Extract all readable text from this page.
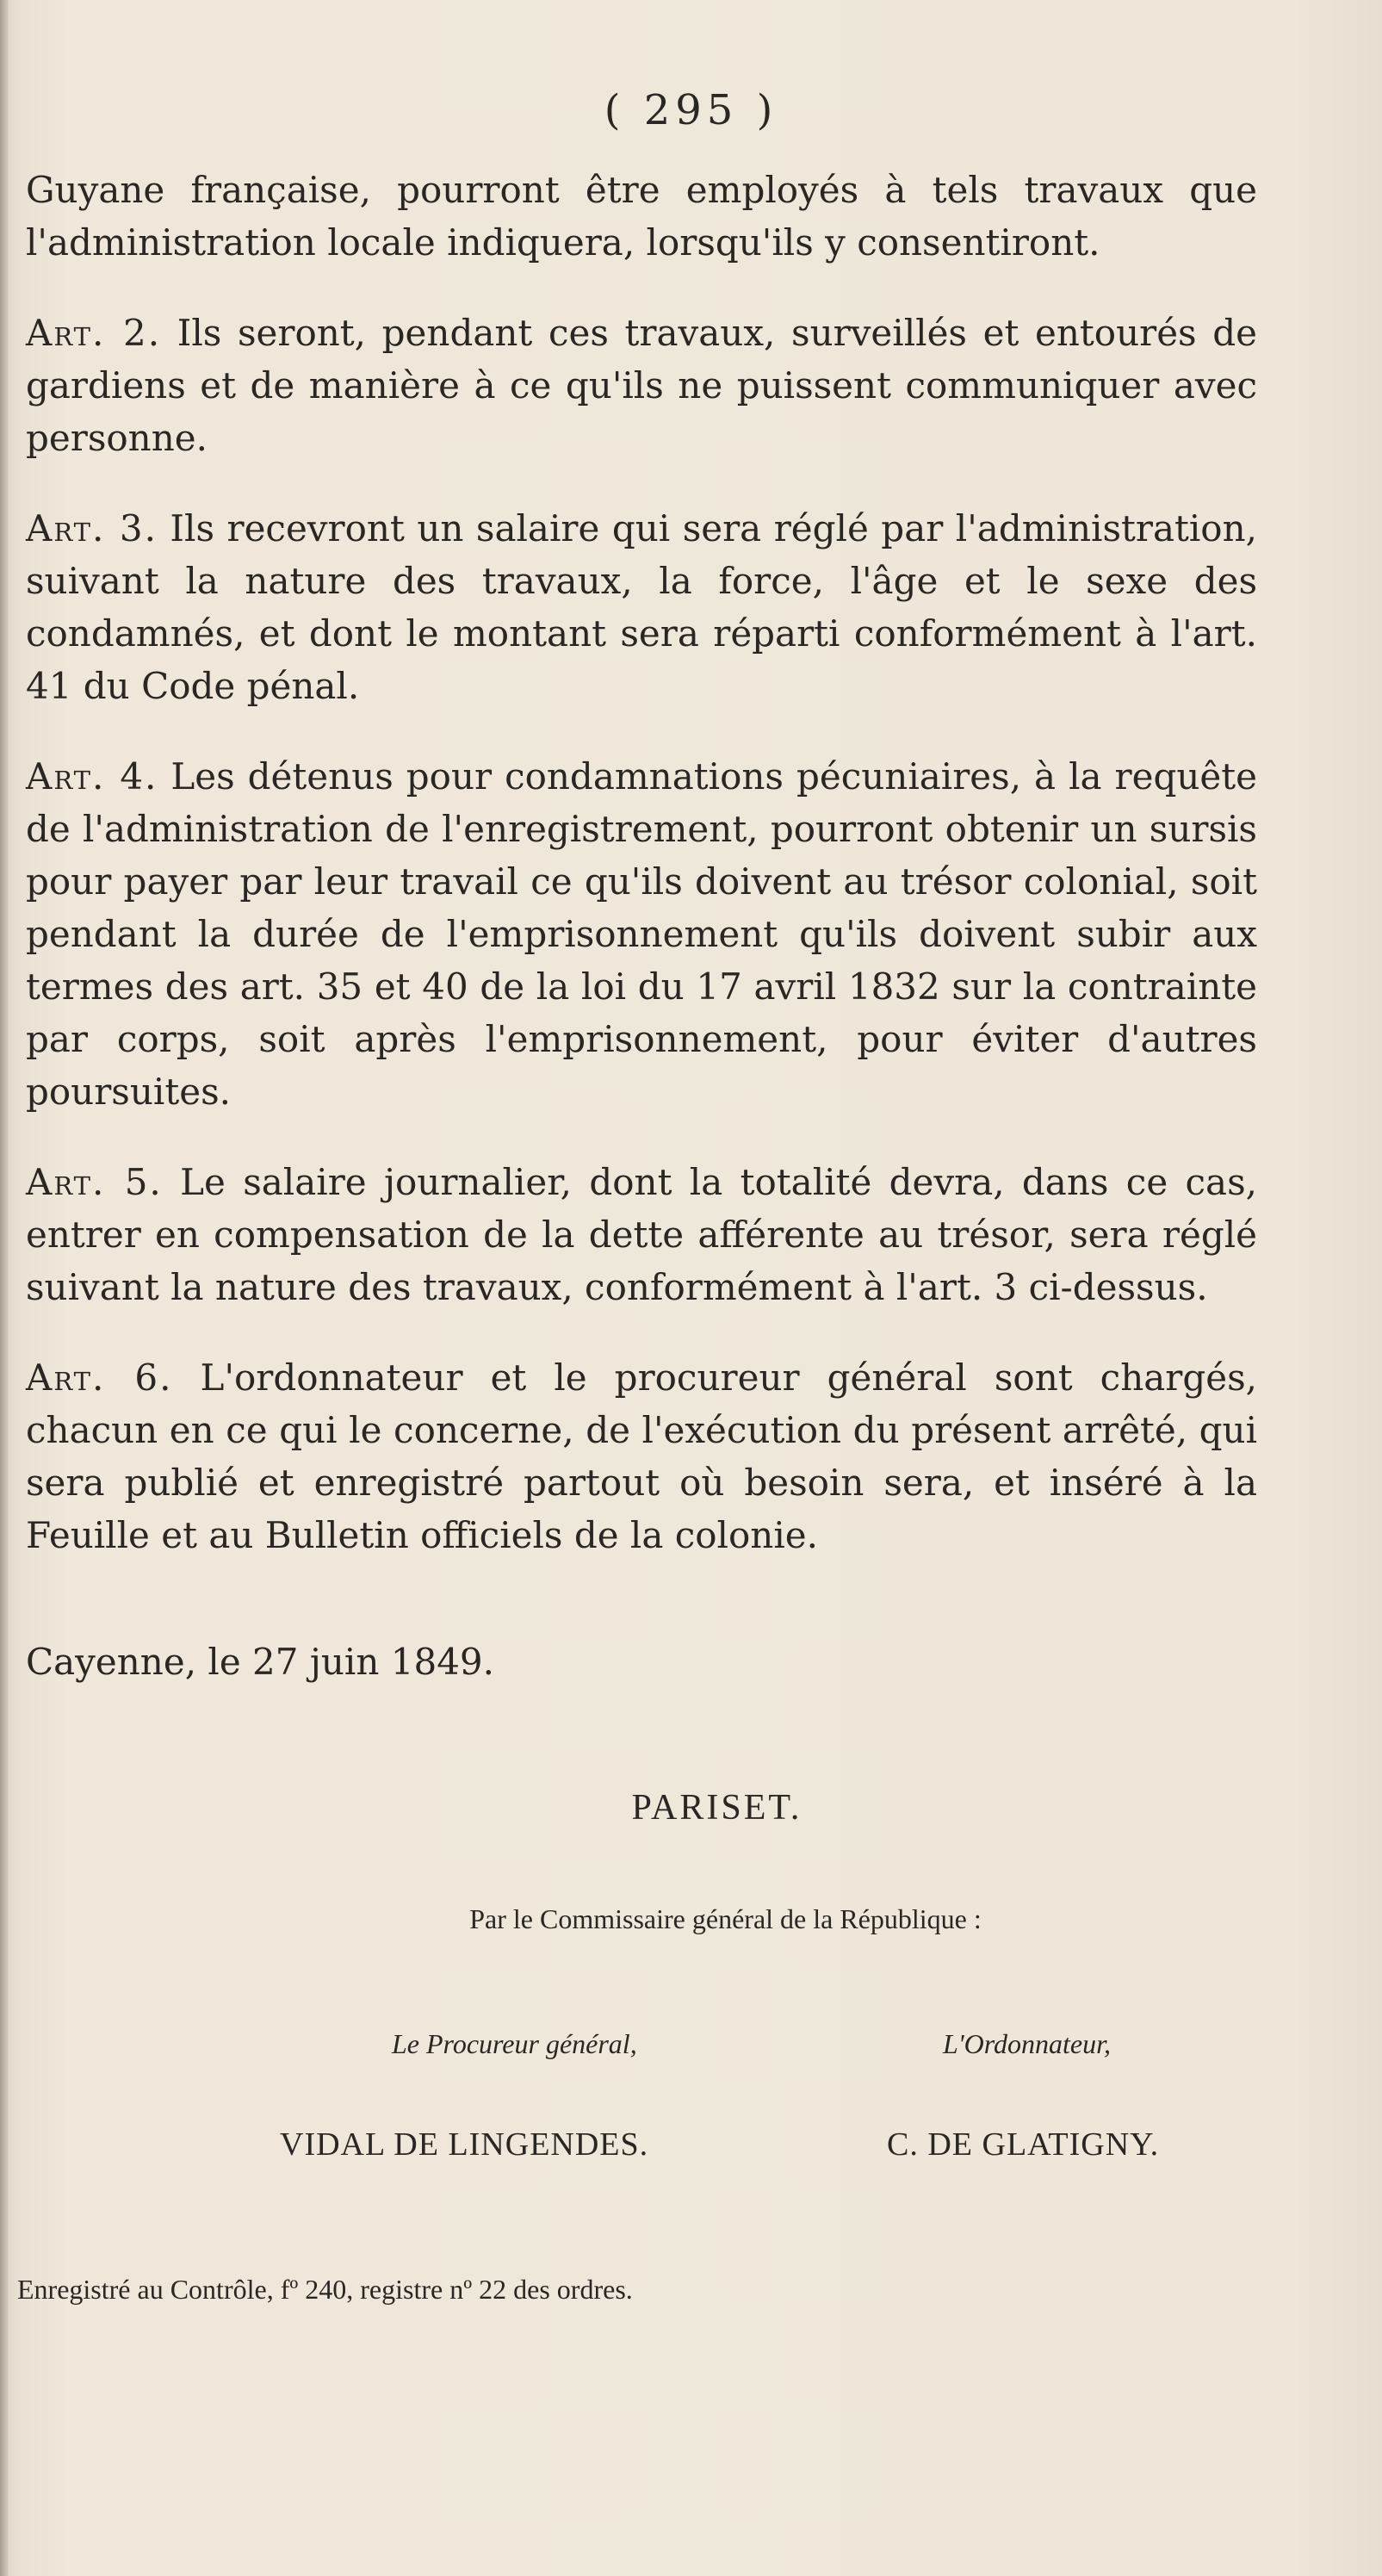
( 295 )

Guyane française, pourront être employés à tels travaux que l'administration locale indiquera, lorsqu'ils y consentiront.

Art. 2. Ils seront, pendant ces travaux, surveillés et entourés de gardiens et de manière à ce qu'ils ne puissent communiquer avec personne.

Art. 3. Ils recevront un salaire qui sera réglé par l'administration, suivant la nature des travaux, la force, l'âge et le sexe des condamnés, et dont le montant sera réparti conformément à l'art. 41 du Code pénal.

Art. 4. Les détenus pour condamnations pécuniaires, à la requête de l'administration de l'enregistrement, pourront obtenir un sursis pour payer par leur travail ce qu'ils doivent au trésor colonial, soit pendant la durée de l'emprisonnement qu'ils doivent subir aux termes des art. 35 et 40 de la loi du 17 avril 1832 sur la contrainte par corps, soit après l'emprisonnement, pour éviter d'autres poursuites.

Art. 5. Le salaire journalier, dont la totalité devra, dans ce cas, entrer en compensation de la dette afférente au trésor, sera réglé suivant la nature des travaux, conformément à l'art. 3 ci-dessus.

Art. 6. L'ordonnateur et le procureur général sont chargés, chacun en ce qui le concerne, de l'exécution du présent arrêté, qui sera publié et enregistré partout où besoin sera, et inséré à la Feuille et au Bulletin officiels de la colonie.

Cayenne, le 27 juin 1849.
PARISET.
Par le Commissaire général de la République :
Le Procureur général,	L'Ordonnateur,
VIDAL DE LINGENDES.	C. DE GLATIGNY.
Enregistré au Contrôle, fº 240, registre nº 22 des ordres.
